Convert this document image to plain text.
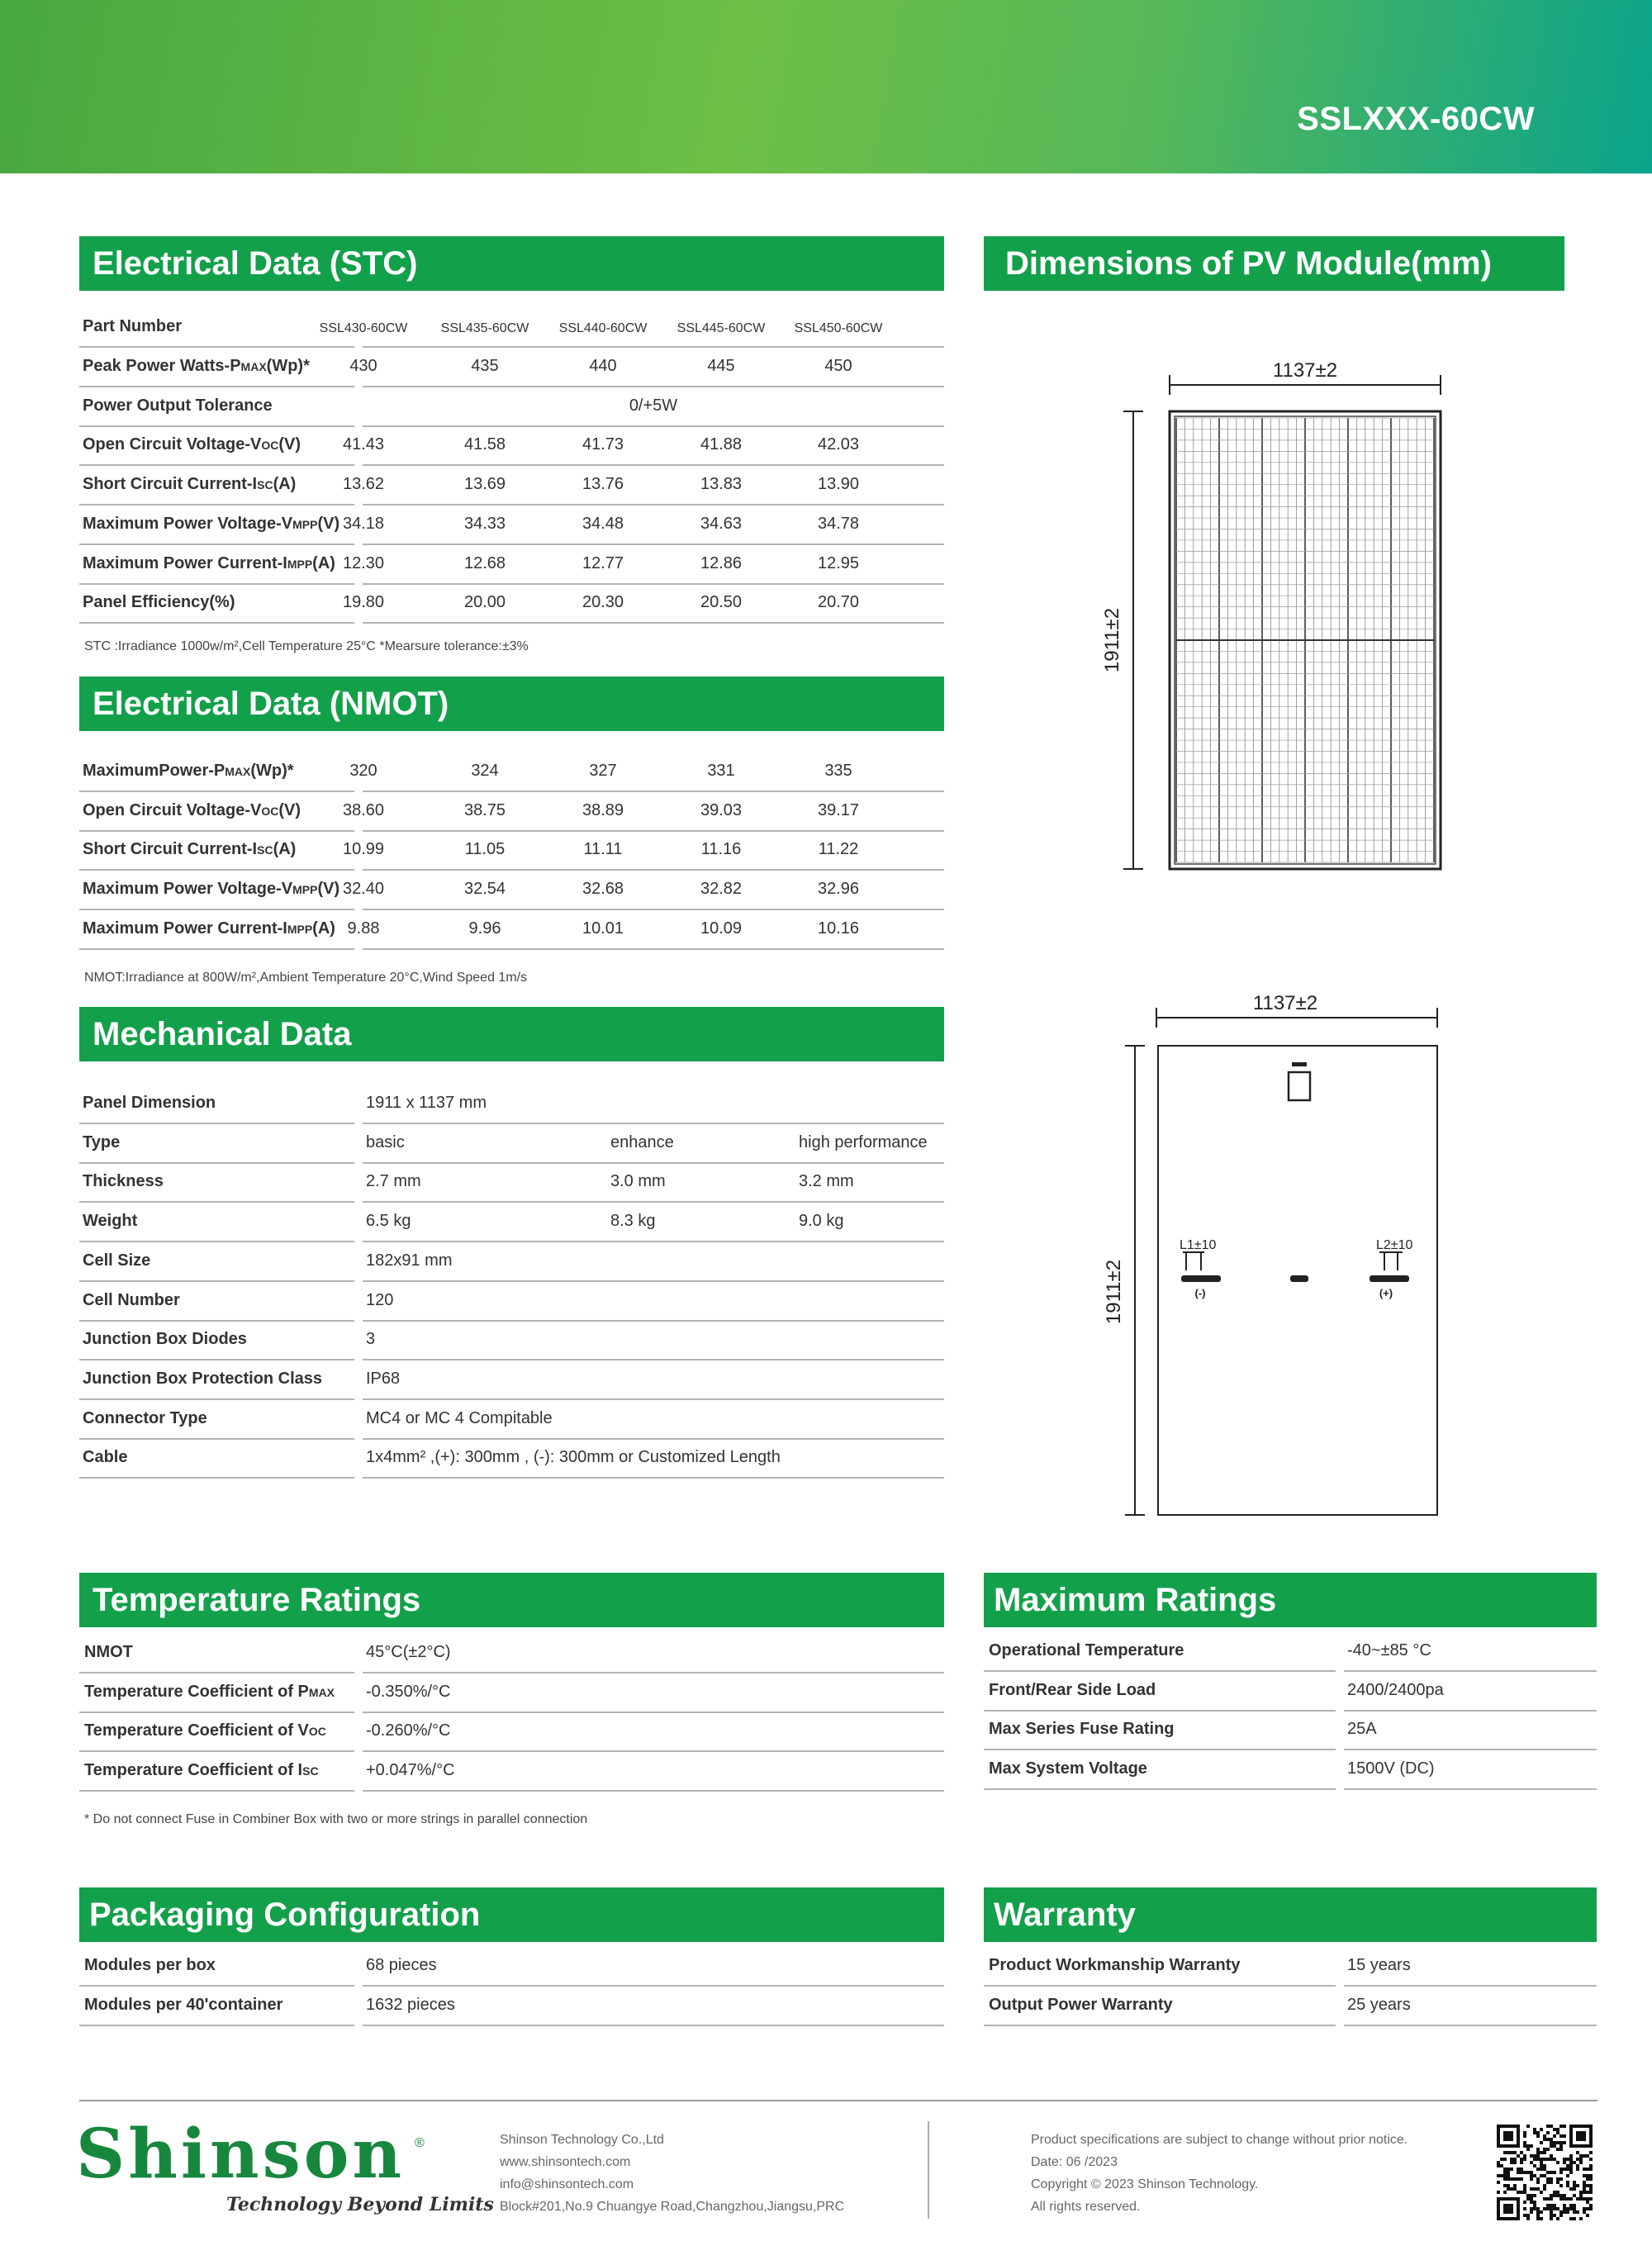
SSLXXX-60CW
Electrical Data (STC)
Part Number	SSL430-60CW	SSL435-60CW	SSL440-60CW	SSL445-60CW	SSL450-60CW
Peak Power Watts-PMAX(Wp)*	430	435	440	445	450
Power Output Tolerance	0/+5W
Open Circuit Voltage-VOC(V)	41.43	41.58	41.73	41.88	42.03
Short Circuit Current-ISC(A)	13.62	13.69	13.76	13.83	13.90
Maximum Power Voltage-VMPP(V) 34.18	34.33	34.48	34.63	34.78
Maximum Power Current-IMPP(A) 12.30	12.68	12.77	12.86	12.95
Panel Efficiency(%)	19.80	20.00	20.30	20.50	20.70
STC :Irradiance 1000w/m²,Cell Temperature 25°C *Mearsure tolerance:±3%
Electrical Data (NMOT)
MaximumPower-PMAX(Wp)*	320	324	327	331	335
Open Circuit Voltage-VOC(V)	38.60	38.75	38.89	39.03	39.17
Short Circuit Current-ISC(A)	10.99	11.05	11.11	11.16	11.22
Maximum Power Voltage-VMPP(V) 32.40	32.54	32.68	32.82	32.96
Maximum Power Current-IMPP(A) 9.88	9.96	10.01	10.09	10.16
NMOT:Irradiance at 800W/m²,Ambient Temperature 20°C,Wind Speed 1m/s
Mechanical Data
Panel Dimension	1911 x 1137 mm
Type	basic	enhance	high performance
Thickness	2.7 mm	3.0 mm	3.2 mm
Weight	6.5 kg	8.3 kg	9.0 kg
Cell Size	182x91 mm
Cell Number	120
Junction Box Diodes	3
Junction Box Protection Class	IP68
Connector Type	MC4 or MC 4 Compitable
Cable	1x4mm² ,(+): 300mm , (-): 300mm or Customized Length
Dimensions of PV Module(mm)
1137±2
1911±2
1137±2
1911±2
L1±10
(-)
L2±10
(+)
Temperature Ratings
NMOT	45°C(±2°C)
Temperature Coefficient of PMAX -0.350%/°C
Temperature Coefficient of VOC -0.260%/°C
Temperature Coefficient of ISC	+0.047%/°C
* Do not connect Fuse in Combiner Box with two or more strings in parallel connection
Maximum Ratings
Operational Temperature	-40~±85 °C
Front/Rear Side Load	2400/2400pa
Max Series Fuse Rating	25A
Max System Voltage	1500V (DC)
Packaging Configuration
Modules per box	68 pieces
Modules per 40'container	1632 pieces
Warranty
Product Workmanship Warranty	15 years
Output Power Warranty	25 years
Shinson ®
Technology Beyond Limits
Shinson Technology Co.,Ltd
www.shinsontech.com
info@shinsontech.com
Block#201,No.9 Chuangye Road,Changzhou,Jiangsu,PRC
Product specifications are subject to change without prior notice.
Date: 06 /2023
Copyright © 2023 Shinson Technology.
All rights reserved.
